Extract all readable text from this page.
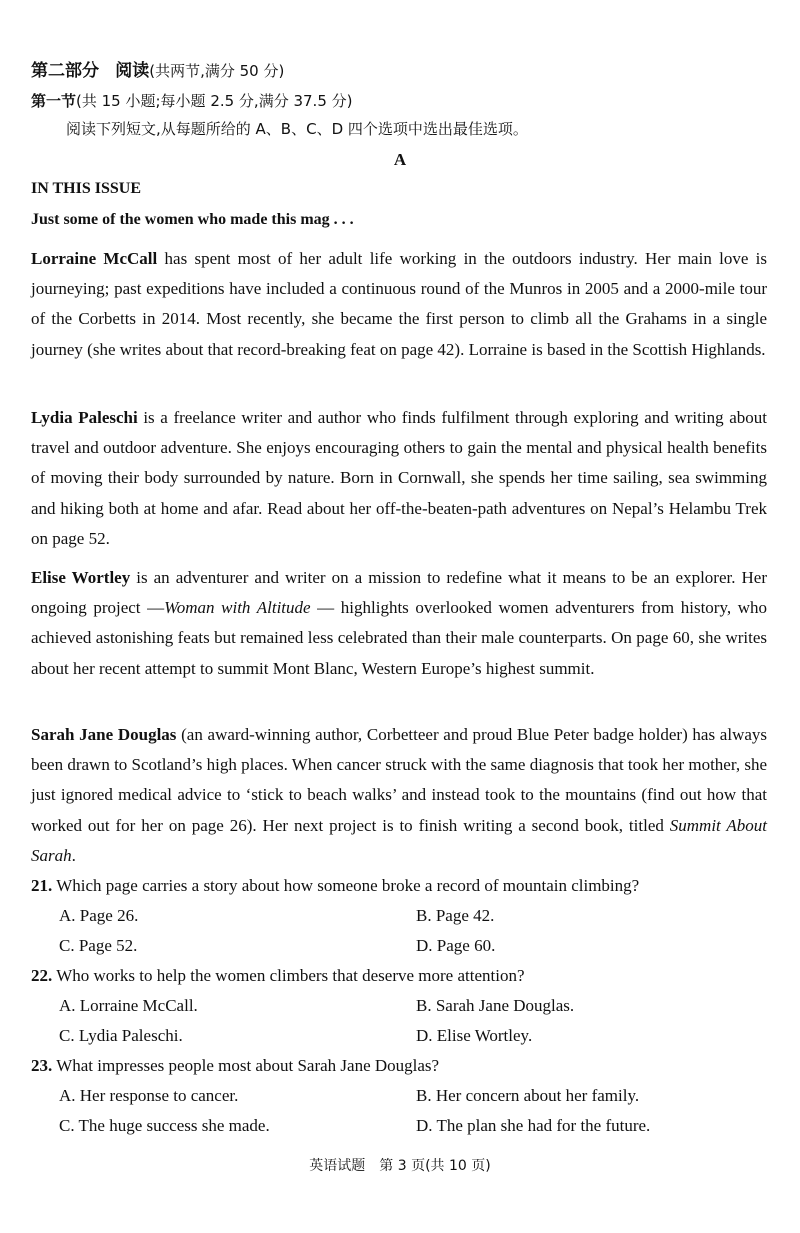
第二部分 阅读(共两节,满分 50 分)
第一节(共 15 小题;每小题 2.5 分,满分 37.5 分)
阅读下列短文,从每题所给的 A、B、C、D 四个选项中选出最佳选项。
A
IN THIS ISSUE
Just some of the women who made this mag . . .
Lorraine McCall has spent most of her adult life working in the outdoors industry. Her main love is journeying; past expeditions have included a continuous round of the Munros in 2005 and a 2000-mile tour of the Corbetts in 2014. Most recently, she became the first person to climb all the Grahams in a single journey (she writes about that record-breaking feat on page 42). Lorraine is based in the Scottish Highlands.
Lydia Paleschi is a freelance writer and author who finds fulfilment through exploring and writing about travel and outdoor adventure. She enjoys encouraging others to gain the mental and physical health benefits of moving their body surrounded by nature. Born in Cornwall, she spends her time sailing, sea swimming and hiking both at home and afar. Read about her off-the-beaten-path adventures on Nepal’s Helambu Trek on page 52.
Elise Wortley is an adventurer and writer on a mission to redefine what it means to be an explorer. Her ongoing project —Woman with Altitude — highlights overlooked women adventurers from history, who achieved astonishing feats but remained less celebrated than their male counterparts. On page 60, she writes about her recent attempt to summit Mont Blanc, Western Europe’s highest summit.
Sarah Jane Douglas (an award-winning author, Corbetteer and proud Blue Peter badge holder) has always been drawn to Scotland’s high places. When cancer struck with the same diagnosis that took her mother, she just ignored medical advice to ‘stick to beach walks’ and instead took to the mountains (find out how that worked out for her on page 26). Her next project is to finish writing a second book, titled Summit About Sarah.
21. Which page carries a story about how someone broke a record of mountain climbing?
A. Page 26.	B. Page 42.
C. Page 52.	D. Page 60.
22. Who works to help the women climbers that deserve more attention?
A. Lorraine McCall.	B. Sarah Jane Douglas.
C. Lydia Paleschi.	D. Elise Wortley.
23. What impresses people most about Sarah Jane Douglas?
A. Her response to cancer.	B. Her concern about her family.
C. The huge success she made.	D. The plan she had for the future.
英语试题　第 3 页(共 10 页)
